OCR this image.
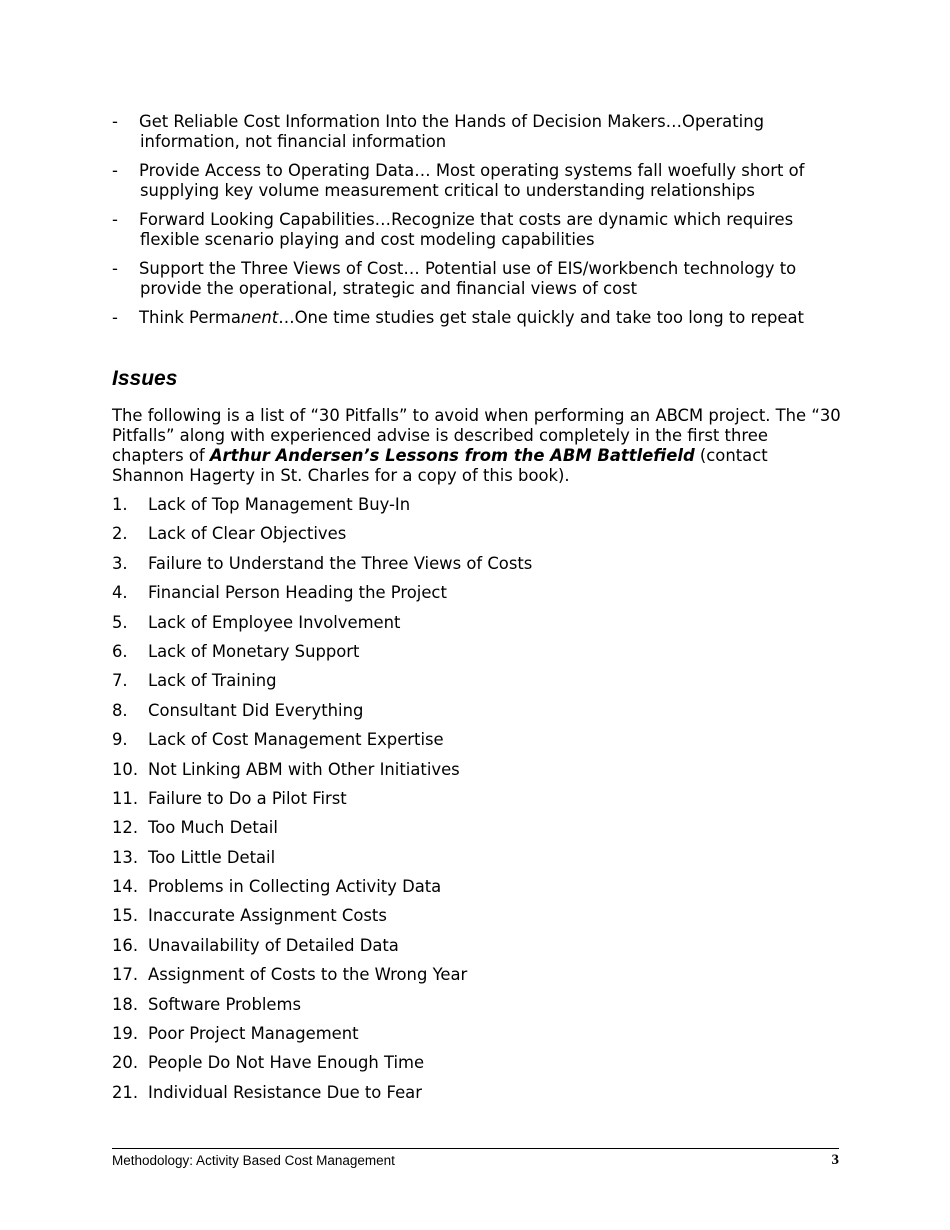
- Get Reliable Cost Information Into the Hands of Decision Makers…Operating information, not financial information
- Provide Access to Operating Data… Most operating systems fall woefully short of supplying key volume measurement critical to understanding relationships
- Forward Looking Capabilities…Recognize that costs are dynamic which requires flexible scenario playing and cost modeling capabilities
- Support the Three Views of Cost… Potential use of EIS/workbench technology to provide the operational, strategic and financial views of cost
- Think Permanent…One time studies get stale quickly and take too long to repeat
Issues

The following is a list of “30 Pitfalls” to avoid when performing an ABCM project. The “30 Pitfalls” along with experienced advise is described completely in the first three chapters of Arthur Andersen’s Lessons from the ABM Battlefield (contact Shannon Hagerty in St. Charles for a copy of this book).

1. Lack of Top Management Buy-In
2. Lack of Clear Objectives
3. Failure to Understand the Three Views of Costs
4. Financial Person Heading the Project
5. Lack of Employee Involvement
6. Lack of Monetary Support
7. Lack of Training
8. Consultant Did Everything
9. Lack of Cost Management Expertise
10. Not Linking ABM with Other Initiatives
11. Failure to Do a Pilot First
12. Too Much Detail
13. Too Little Detail
14. Problems in Collecting Activity Data
15. Inaccurate Assignment Costs
16. Unavailability of Detailed Data
17. Assignment of Costs to the Wrong Year
18. Software Problems
19. Poor Project Management
20. People Do Not Have Enough Time
21. Individual Resistance Due to Fear
Methodology: Activity Based Cost Management	3
